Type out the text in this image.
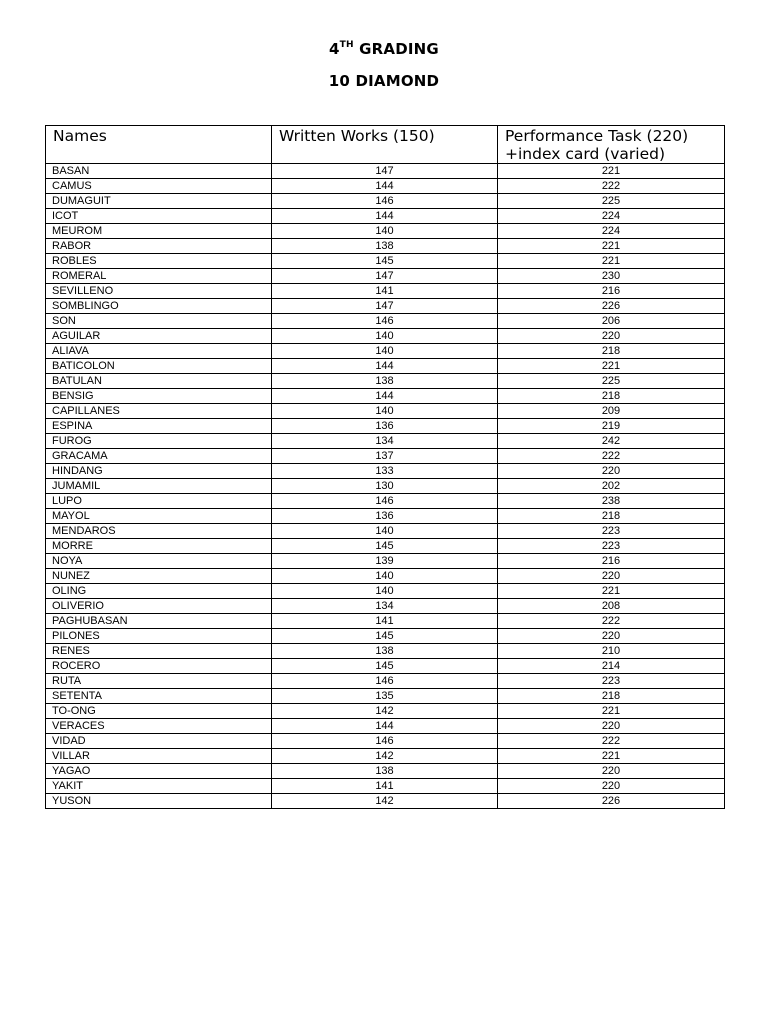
4TH GRADING
10 DIAMOND
Names	Written Works (150)	Performance Task (220) +index card (varied)
BASAN	147	221
CAMUS	144	222
DUMAGUIT	146	225
ICOT	144	224
MEUROM	140	224
RABOR	138	221
ROBLES	145	221
ROMERAL	147	230
SEVILLENO	141	216
SOMBLINGO	147	226
SON	146	206
AGUILAR	140	220
ALIAVA	140	218
BATICOLON	144	221
BATULAN	138	225
BENSIG	144	218
CAPILLANES	140	209
ESPINA	136	219
FUROG	134	242
GRACAMA	137	222
HINDANG	133	220
JUMAMIL	130	202
LUPO	146	238
MAYOL	136	218
MENDAROS	140	223
MORRE	145	223
NOYA	139	216
NUNEZ	140	220
OLING	140	221
OLIVERIO	134	208
PAGHUBASAN	141	222
PILONES	145	220
RENES	138	210
ROCERO	145	214
RUTA	146	223
SETENTA	135	218
TO-ONG	142	221
VERACES	144	220
VIDAD	146	222
VILLAR	142	221
YAGAO	138	220
YAKIT	141	220
YUSON	142	226
